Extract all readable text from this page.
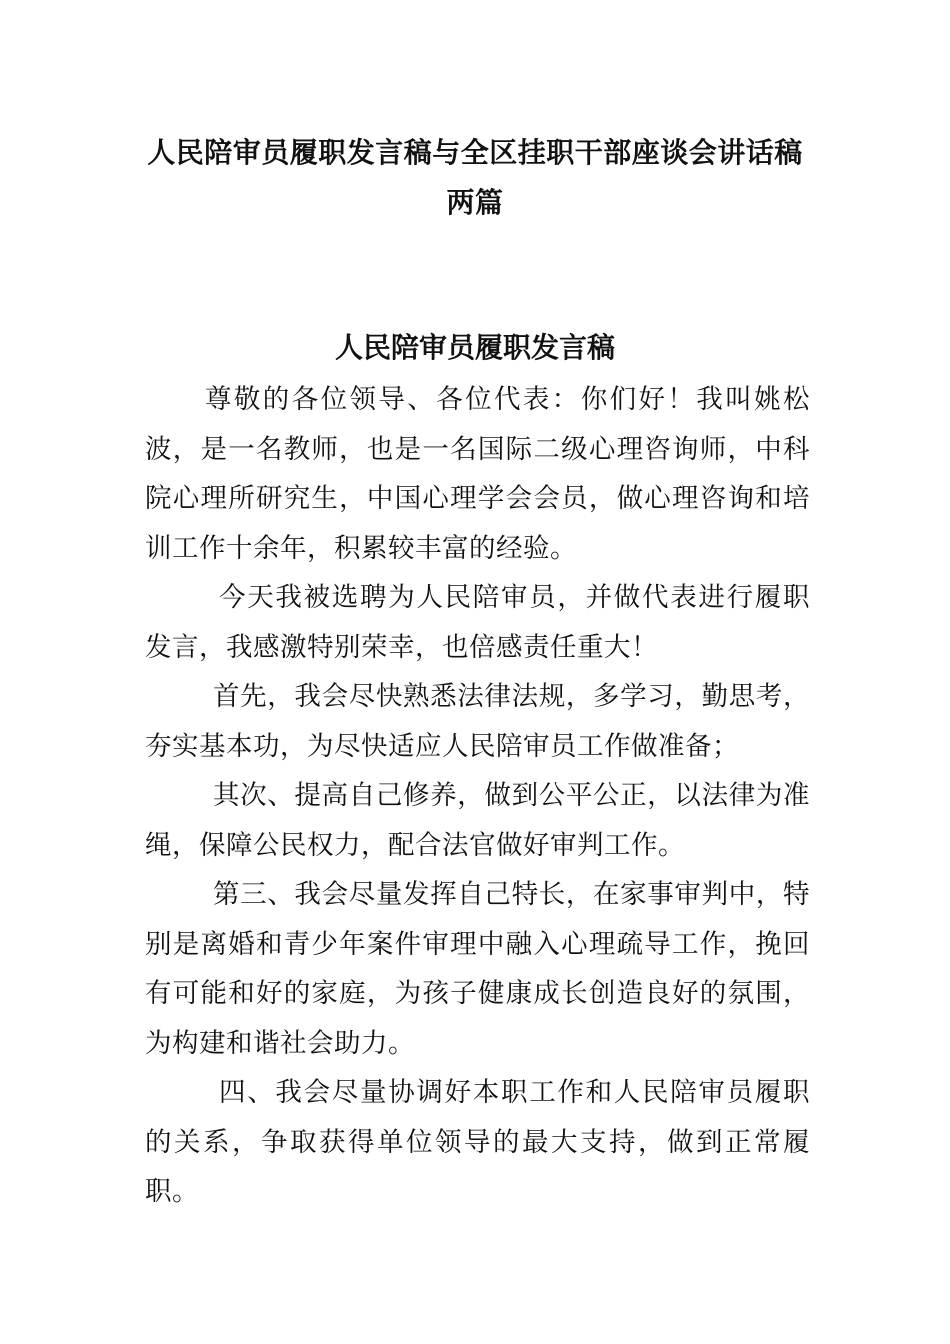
人民陪审员履职发言稿与全区挂职干部座谈会讲话稿
两篇
人民陪审员履职发言稿

尊敬的各位领导、各位代表：你们好！我叫姚松波，是一名教师，也是一名国际二级心理咨询师，中科院心理所研究生，中国心理学会会员，做心理咨询和培训工作十余年，积累较丰富的经验。

今天我被选聘为人民陪审员，并做代表进行履职发言，我感激特别荣幸，也倍感责任重大！

首先，我会尽快熟悉法律法规，多学习，勤思考，夯实基本功，为尽快适应人民陪审员工作做准备；

其次、提高自己修养，做到公平公正，以法律为准绳，保障公民权力，配合法官做好审判工作。

第三、我会尽量发挥自己特长，在家事审判中，特别是离婚和青少年案件审理中融入心理疏导工作，挽回有可能和好的家庭，为孩子健康成长创造良好的氛围，为构建和谐社会助力。

四、我会尽量协调好本职工作和人民陪审员履职的关系，争取获得单位领导的最大支持，做到正常履职。
